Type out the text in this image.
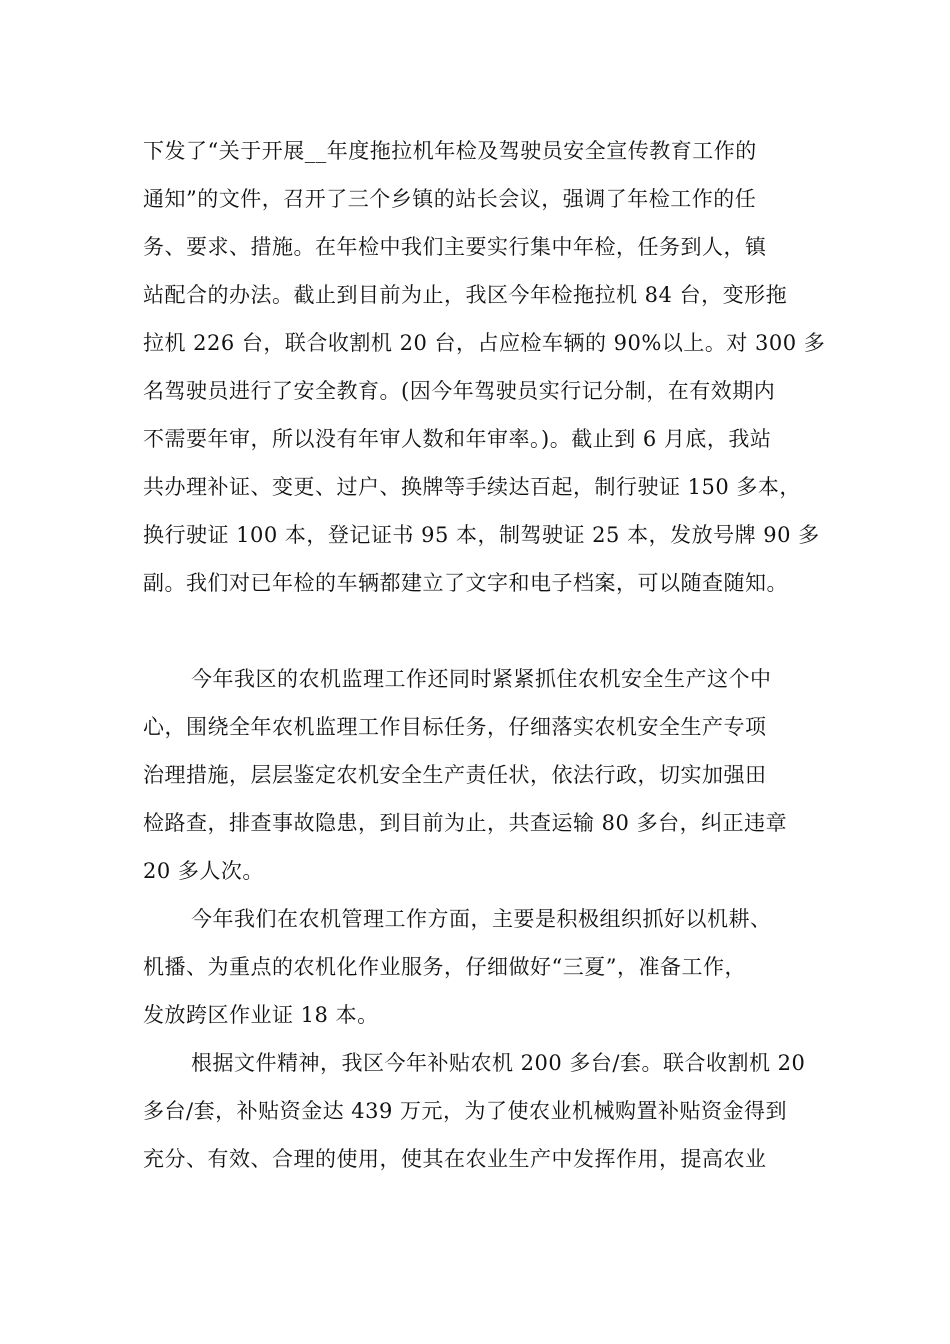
下发了“关于开展__年度拖拉机年检及驾驶员安全宣传教育工作的
通知”的文件，召开了三个乡镇的站长会议，强调了年检工作的任
务、要求、措施。在年检中我们主要实行集中年检，任务到人，镇
站配合的办法。截止到目前为止，我区今年检拖拉机 84 台，变形拖
拉机 226 台，联合收割机 20 台，占应检车辆的 90%以上。对 300 多
名驾驶员进行了安全教育。(因今年驾驶员实行记分制，在有效期内
不需要年审，所以没有年审人数和年审率。)。截止到 6 月底，我站
共办理补证、变更、过户、换牌等手续达百起，制行驶证 150 多本，
换行驶证 100 本，登记证书 95 本，制驾驶证 25 本，发放号牌 90 多
副。我们对已年检的车辆都建立了文字和电子档案，可以随查随知。
今年我区的农机监理工作还同时紧紧抓住农机安全生产这个中
心，围绕全年农机监理工作目标任务，仔细落实农机安全生产专项
治理措施，层层鉴定农机安全生产责任状，依法行政，切实加强田
检路查，排查事故隐患，到目前为止，共查运输 80 多台，纠正违章
20 多人次。
今年我们在农机管理工作方面，主要是积极组织抓好以机耕、
机播、为重点的农机化作业服务，仔细做好“三夏”，准备工作，
发放跨区作业证 18 本。
根据文件精神，我区今年补贴农机 200 多台/套。联合收割机 20
多台/套，补贴资金达 439 万元，为了使农业机械购置补贴资金得到
充分、有效、合理的使用，使其在农业生产中发挥作用，提高农业
